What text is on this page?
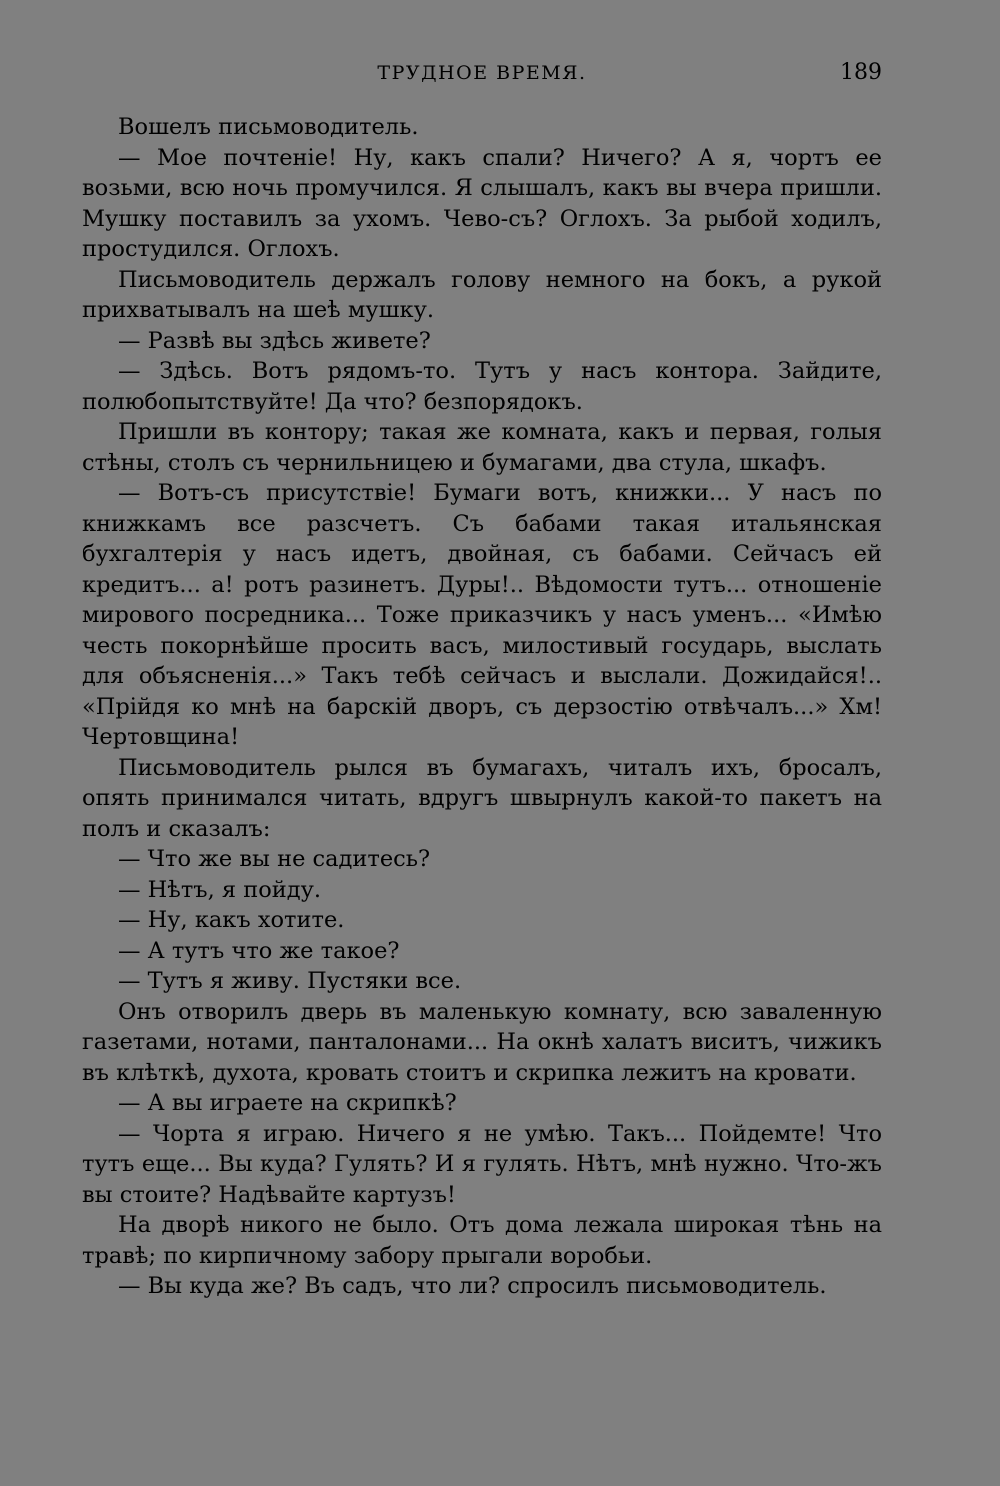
ТРУДНОЕ ВРЕМЯ.	189

Вошелъ письмоводитель.

— Мое почтеніе! Ну, какъ спали? Ничего? А я, чортъ ее возьми, всю ночь промучился. Я слышалъ, какъ вы вчера пришли. Мушку поставилъ за ухомъ. Чево-съ? Оглохъ. За рыбой ходилъ, простудился. Оглохъ.

Письмоводитель держалъ голову немного на бокъ, а рукой прихватывалъ на шеѣ мушку.

— Развѣ вы здѣсь живете?

— Здѣсь. Вотъ рядомъ-то. Тутъ у насъ контора. Зайдите, полюбопытствуйте! Да что? безпорядокъ.

Пришли въ контору; такая же комната, какъ и первая, голыя стѣны, столъ съ чернильницею и бумагами, два стула, шкафъ.

— Вотъ-съ присутствіе! Бумаги вотъ, книжки... У насъ по книжкамъ все разсчетъ. Съ бабами такая итальянская бухгалтерія у насъ идетъ, двойная, съ бабами. Сейчасъ ей кредитъ... а! ротъ разинетъ. Дуры!.. Вѣдомости тутъ... отношеніе мирового посредника... Тоже приказчикъ у насъ уменъ... «Имѣю честь покорнѣйше просить васъ, милостивый государь, выслать для объясненія...» Такъ тебѣ сейчасъ и выслали. Дожидайся!.. «Прійдя ко мнѣ на барскій дворъ, съ дерзостію отвѣчалъ...» Хм! Чертовщина!

Письмоводитель рылся въ бумагахъ, читалъ ихъ, бросалъ, опять принимался читать, вдругъ швырнулъ какой-то пакетъ на полъ и сказалъ:

— Что же вы не садитесь?

— Нѣтъ, я пойду.

— Ну, какъ хотите.

— А тутъ что же такое?

— Тутъ я живу. Пустяки все.

Онъ отворилъ дверь въ маленькую комнату, всю заваленную газетами, нотами, панталонами... На окнѣ халатъ виситъ, чижикъ въ клѣткѣ, духота, кровать стоитъ и скрипка лежитъ на кровати.

— А вы играете на скрипкѣ?

— Чорта я играю. Ничего я не умѣю. Такъ... Пойдемте! Что тутъ еще... Вы куда? Гулять? И я гулять. Нѣтъ, мнѣ нужно. Что-жъ вы стоите? Надѣвайте картузъ!

На дворѣ никого не было. Отъ дома лежала широкая тѣнь на травѣ; по кирпичному забору прыгали воробьи.

— Вы куда же? Въ садъ, что ли? спросилъ письмоводитель.
